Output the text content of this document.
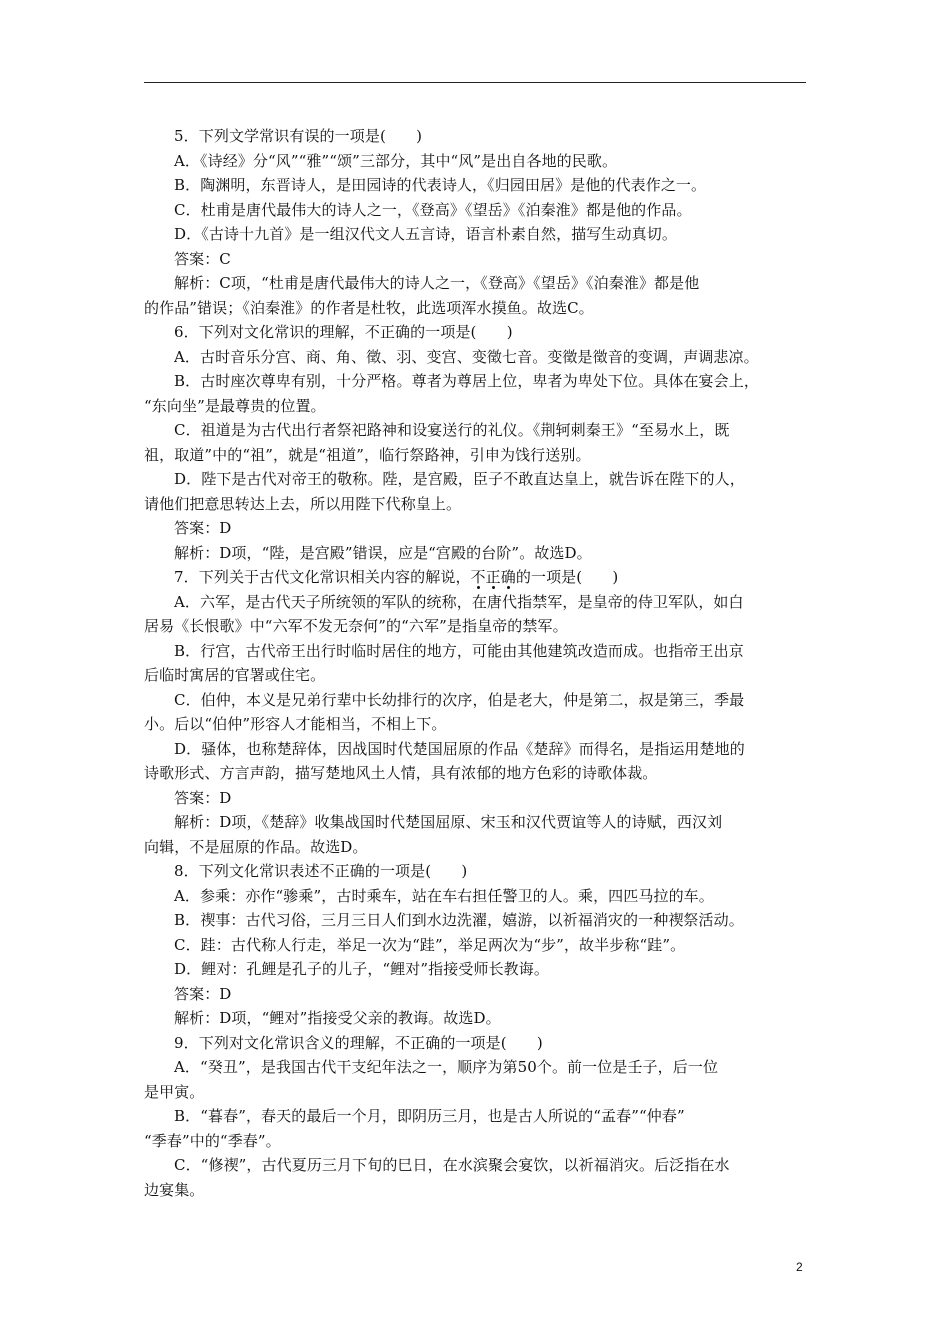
5．下列文学常识有误的一项是(　　)
A．《诗经》分“风”“雅”“颂”三部分，其中“风”是出自各地的民歌。
B．陶渊明，东晋诗人，是田园诗的代表诗人，《归园田居》是他的代表作之一。
C．杜甫是唐代最伟大的诗人之一，《登高》《望岳》《泊秦淮》都是他的作品。
D．《古诗十九首》是一组汉代文人五言诗，语言朴素自然，描写生动真切。
答案：C
解析：C项，“杜甫是唐代最伟大的诗人之一，《登高》《望岳》《泊秦淮》都是他
的作品”错误；《泊秦淮》的作者是杜牧，此选项浑水摸鱼。故选C。
6．下列对文化常识的理解，不正确的一项是(　　)
A．古时音乐分宫、商、角、徵、羽、变宫、变徵七音。变徵是徵音的变调，声调悲凉。
B．古时座次尊卑有别，十分严格。尊者为尊居上位，卑者为卑处下位。具体在宴会上，
“东向坐”是最尊贵的位置。
C．祖道是为古代出行者祭祀路神和设宴送行的礼仪。《荆轲刺秦王》“至易水上，既
祖，取道”中的“祖”，就是“祖道”，临行祭路神，引申为饯行送别。
D．陛下是古代对帝王的敬称。陛，是宫殿，臣子不敢直达皇上，就告诉在陛下的人，
请他们把意思转达上去，所以用陛下代称皇上。
答案：D
解析：D项，“陛，是宫殿”错误，应是“宫殿的台阶”。故选D。
7．下列关于古代文化常识相关内容的解说，不正确的一项是(　　)
A．六军，是古代天子所统领的军队的统称，在唐代指禁军，是皇帝的侍卫军队，如白
居易《长恨歌》中“六军不发无奈何”的“六军”是指皇帝的禁军。
B．行宫，古代帝王出行时临时居住的地方，可能由其他建筑改造而成。也指帝王出京
后临时寓居的官署或住宅。
C．伯仲，本义是兄弟行辈中长幼排行的次序，伯是老大，仲是第二，叔是第三，季最
小。后以“伯仲”形容人才能相当，不相上下。
D．骚体，也称楚辞体，因战国时代楚国屈原的作品《楚辞》而得名，是指运用楚地的
诗歌形式、方言声韵，描写楚地风土人情，具有浓郁的地方色彩的诗歌体裁。
答案：D
解析：D项，《楚辞》收集战国时代楚国屈原、宋玉和汉代贾谊等人的诗赋，西汉刘
向辑，不是屈原的作品。故选D。
8．下列文化常识表述不正确的一项是(　　)
A．参乘：亦作“骖乘”，古时乘车，站在车右担任警卫的人。乘，四匹马拉的车。
B．禊事：古代习俗，三月三日人们到水边洗濯，嬉游，以祈福消灾的一种禊祭活动。
C．跬：古代称人行走，举足一次为“跬”，举足两次为“步”，故半步称“跬”。
D．鲤对：孔鲤是孔子的儿子，“鲤对”指接受师长教诲。
答案：D
解析：D项，“鲤对”指接受父亲的教诲。故选D。
9．下列对文化常识含义的理解，不正确的一项是(　　)
A．“癸丑”，是我国古代干支纪年法之一，顺序为第50个。前一位是壬子，后一位
是甲寅。
B．“暮春”，春天的最后一个月，即阴历三月，也是古人所说的“孟春”“仲春”
“季春”中的“季春”。
C．“修禊”，古代夏历三月下旬的巳日，在水滨聚会宴饮，以祈福消灾。后泛指在水
边宴集。
2
